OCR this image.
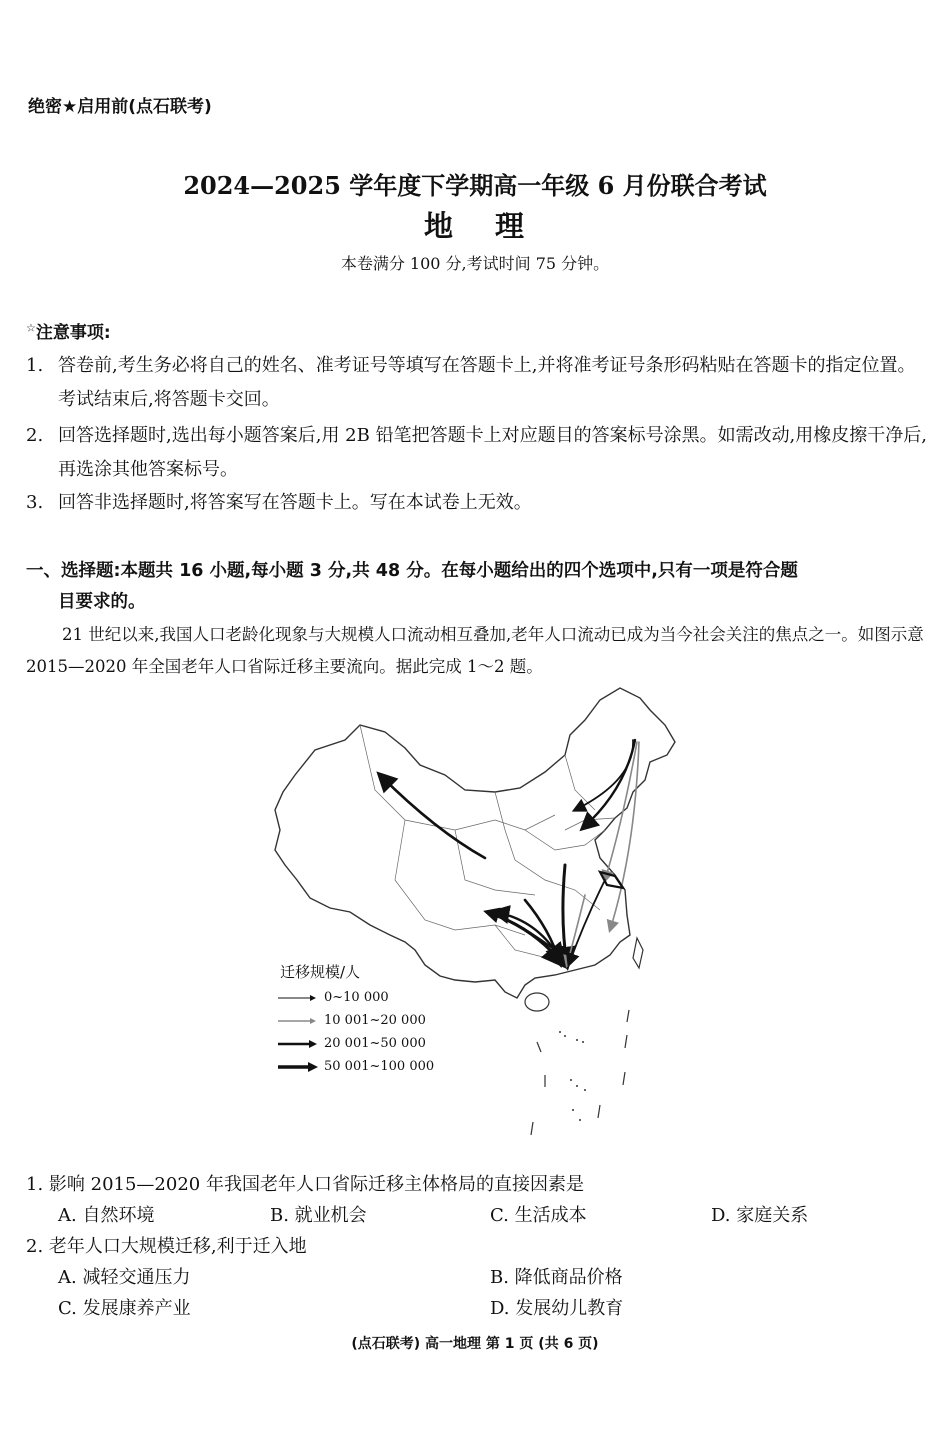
绝密★启用前(点石联考)
2024—2025 学年度下学期高一年级 6 月份联合考试
地 理
本卷满分 100 分,考试时间 75 分钟。
☆注意事项:
1. 答卷前,考生务必将自己的姓名、准考证号等填写在答题卡上,并将准考证号条形码粘贴在答题卡的指定位置。考试结束后,将答题卡交回。
2. 回答选择题时,选出每小题答案后,用 2B 铅笔把答题卡上对应题目的答案标号涂黑。如需改动,用橡皮擦干净后,再选涂其他答案标号。
3. 回答非选择题时,将答案写在答题卡上。写在本试卷上无效。
一、选择题:本题共 16 小题,每小题 3 分,共 48 分。在每小题给出的四个选项中,只有一项是符合题
目要求的。
21 世纪以来,我国人口老龄化现象与大规模人口流动相互叠加,老年人口流动已成为当今社会关注的焦点之一。如图示意 2015—2020 年全国老年人口省际迁移主要流向。据此完成 1～2 题。
迁移规模/人
0~10 000
10 001~20 000
20 001~50 000
50 001~100 000
1. 影响 2015—2020 年我国老年人口省际迁移主体格局的直接因素是
A. 自然环境	B. 就业机会	C. 生活成本	D. 家庭关系
2. 老年人口大规模迁移,利于迁入地
A. 减轻交通压力	B. 降低商品价格
C. 发展康养产业	D. 发展幼儿教育
(点石联考) 高一地理 第 1 页 (共 6 页)
